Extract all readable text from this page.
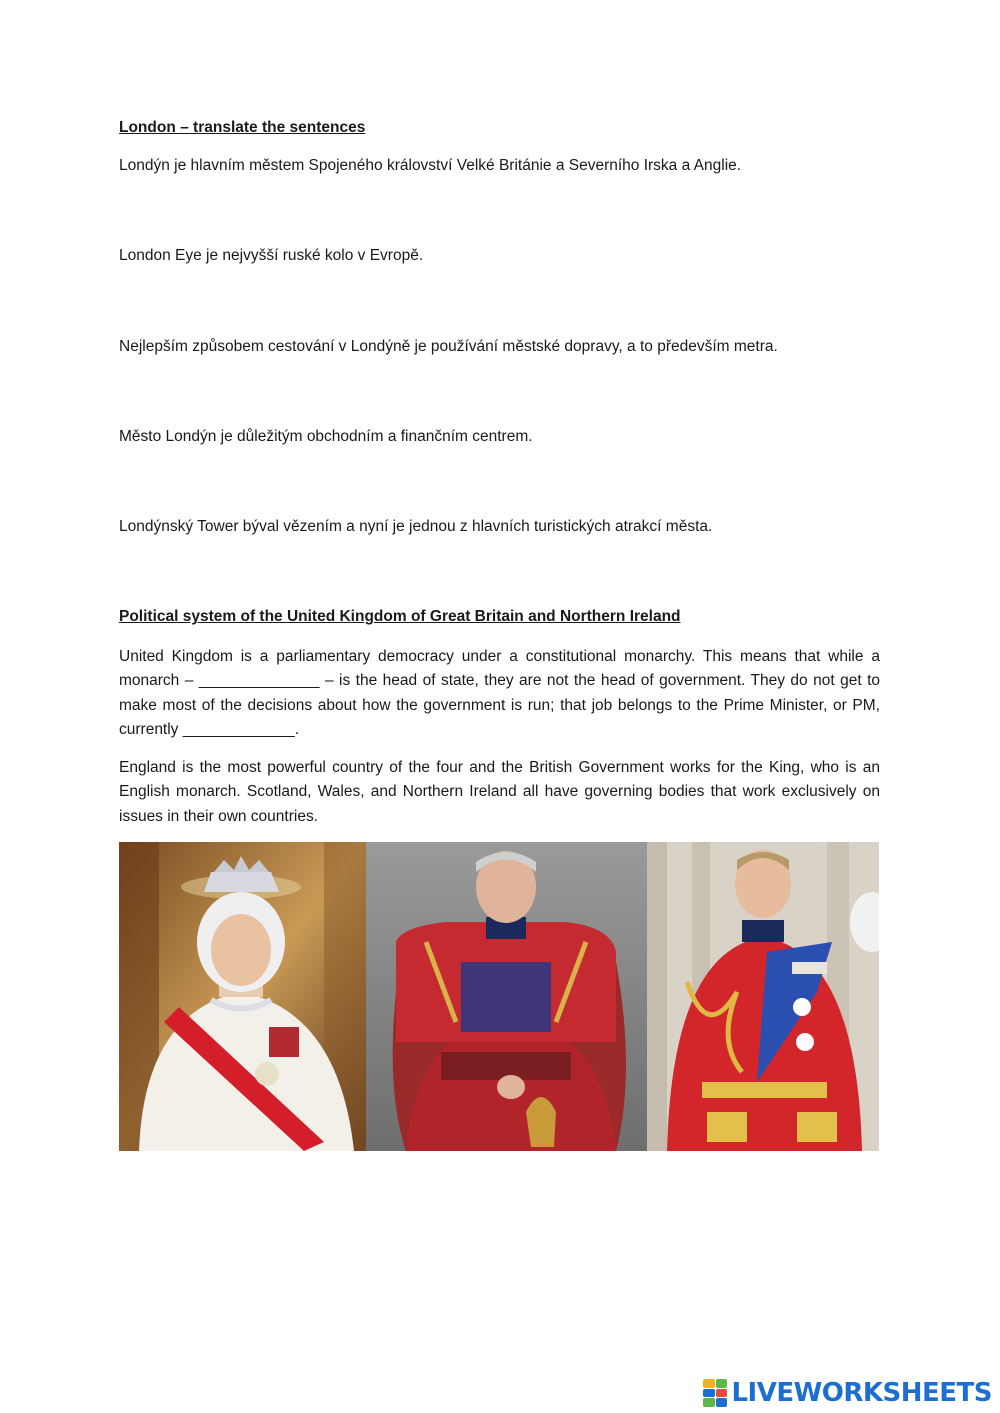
London – translate the sentences

Londýn je hlavním městem Spojeného království Velké Británie a Severního Irska a Anglie.

London Eye je nejvyšší ruské kolo v Evropě.

Nejlepším způsobem cestování v Londýně je používání městské dopravy, a to především metra.

Město Londýn je důležitým obchodním a finančním centrem.

Londýnský Tower býval vězením a nyní je jednou z hlavních turistických atrakcí města.

Political system of the United Kingdom of Great Britain and Northern Ireland

United Kingdom is a parliamentary democracy under a constitutional monarchy. This means that while a monarch – ______________ – is the head of state, they are not the head of government. They do not get to make most of the decisions about how the government is run; that job belongs to the Prime Minister, or PM, currently _____________.

England is the most powerful country of the four and the British Government works for the King, who is an English monarch. Scotland, Wales, and Northern Ireland all have governing bodies that work exclusively on issues in their own countries.

LIVEWORKSHEETS
